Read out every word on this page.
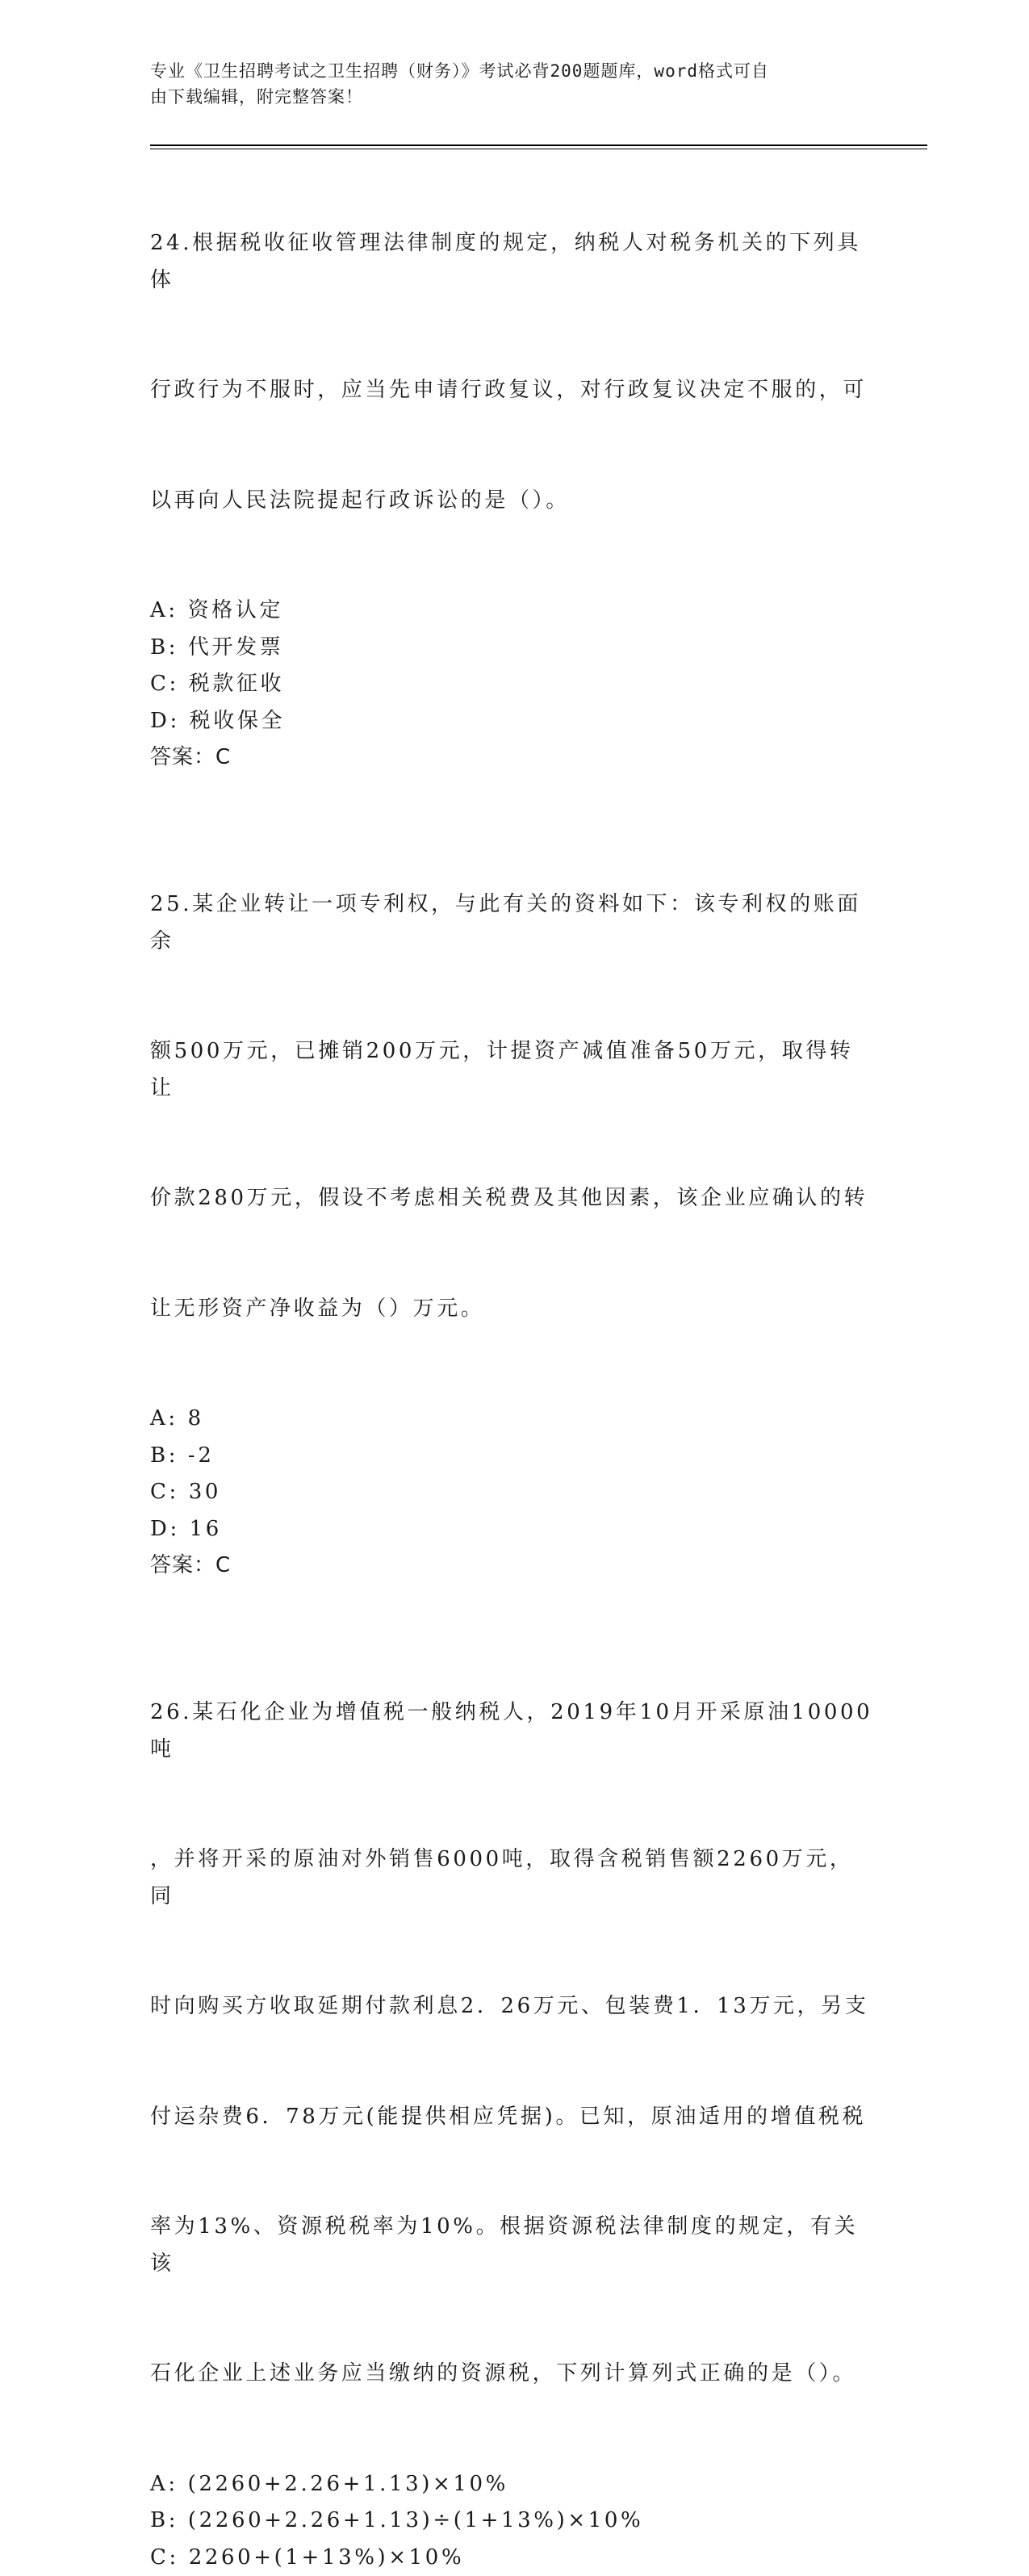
专业《卫生招聘考试之卫生招聘（财务）》考试必背200题题库，word格式可自
由下载编辑，附完整答案！

24.根据税收征收管理法律制度的规定，纳税人对税务机关的下列具体

行政行为不服时，应当先申请行政复议，对行政复议决定不服的，可

以再向人民法院提起行政诉讼的是（）。

A: 资格认定
B: 代开发票
C: 税款征收
D: 税收保全
答案：C

25.某企业转让一项专利权，与此有关的资料如下：该专利权的账面余

额500万元，已摊销200万元，计提资产减值准备50万元，取得转让

价款280万元，假设不考虑相关税费及其他因素，该企业应确认的转

让无形资产净收益为（）万元。

A: 8
B: -2
C: 30
D: 16
答案：C

26.某石化企业为增值税一般纳税人，2019年10月开采原油10000吨

，并将开采的原油对外销售6000吨，取得含税销售额2260万元，同

时向购买方收取延期付款利息2．26万元、包装费1．13万元，另支

付运杂费6．78万元(能提供相应凭据)。已知，原油适用的增值税税

率为13%、资源税税率为10%。根据资源税法律制度的规定，有关该

石化企业上述业务应当缴纳的资源税，下列计算列式正确的是（）。

A: (2260+2.26+1.13)×10%
B: (2260+2.26+1.13)÷(1+13%)×10%
C: 2260+(1+13%)×10%
